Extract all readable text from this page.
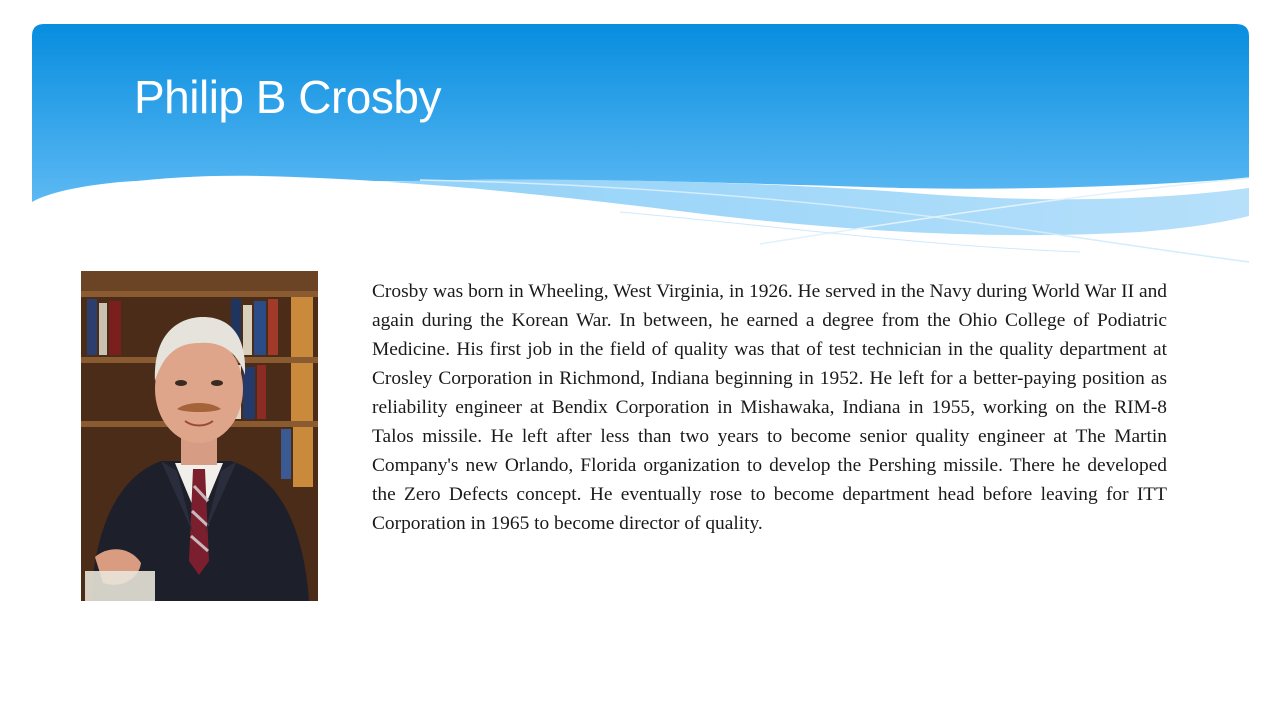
Philip B Crosby

Crosby was born in Wheeling, West Virginia, in 1926. He served in the Navy during World War II and again during the Korean War. In between, he earned a degree from the Ohio College of Podiatric Medicine. His first job in the field of quality was that of test technician in the quality department at Crosley Corporation in Richmond, Indiana beginning in 1952. He left for a better-paying position as reliability engineer at Bendix Corporation in Mishawaka, Indiana in 1955, working on the RIM-8 Talos missile. He left after less than two years to become senior quality engineer at The Martin Company's new Orlando, Florida organization to develop the Pershing missile. There he developed the Zero Defects concept. He eventually rose to become department head before leaving for ITT Corporation in 1965 to become director of quality.
